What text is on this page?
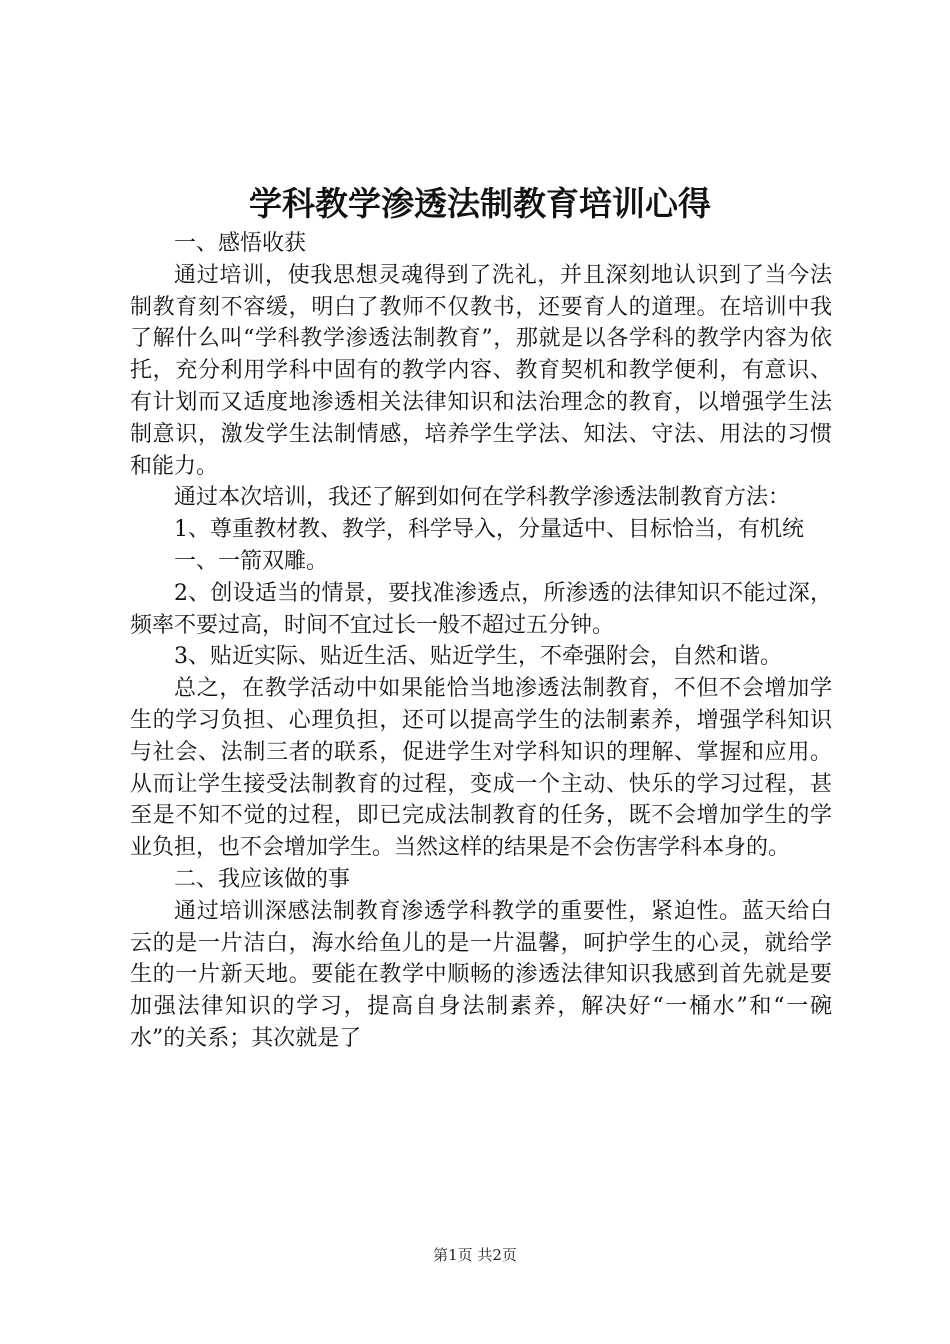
学科教学渗透法制教育培训心得

一、感悟收获

通过培训，使我思想灵魂得到了洗礼，并且深刻地认识到了当今法制教育刻不容缓，明白了教师不仅教书，还要育人的道理。在培训中我了解什么叫“学科教学渗透法制教育”，那就是以各学科的教学内容为依托，充分利用学科中固有的教学内容、教育契机和教学便利，有意识、有计划而又适度地渗透相关法律知识和法治理念的教育，以增强学生法制意识，激发学生法制情感，培养学生学法、知法、守法、用法的习惯和能力。

通过本次培训，我还了解到如何在学科教学渗透法制教育方法：

1、尊重教材教、教学，科学导入，分量适中、目标恰当，有机统

一、一箭双雕。

2、创设适当的情景，要找准渗透点，所渗透的法律知识不能过深，频率不要过高，时间不宜过长一般不超过五分钟。

3、贴近实际、贴近生活、贴近学生，不牵强附会，自然和谐。

总之，在教学活动中如果能恰当地渗透法制教育，不但不会增加学生的学习负担、心理负担，还可以提高学生的法制素养，增强学科知识与社会、法制三者的联系，促进学生对学科知识的理解、掌握和应用。从而让学生接受法制教育的过程，变成一个主动、快乐的学习过程，甚至是不知不觉的过程，即已完成法制教育的任务，既不会增加学生的学业负担，也不会增加学生。当然这样的结果是不会伤害学科本身的。

二、我应该做的事

通过培训深感法制教育渗透学科教学的重要性，紧迫性。蓝天给白云的是一片洁白，海水给鱼儿的是一片温馨，呵护学生的心灵，就给学生的一片新天地。要能在教学中顺畅的渗透法律知识我感到首先就是要加强法律知识的学习，提高自身法制素养，解决好“一桶水”和“一碗水”的关系；其次就是了

第1页 共2页
